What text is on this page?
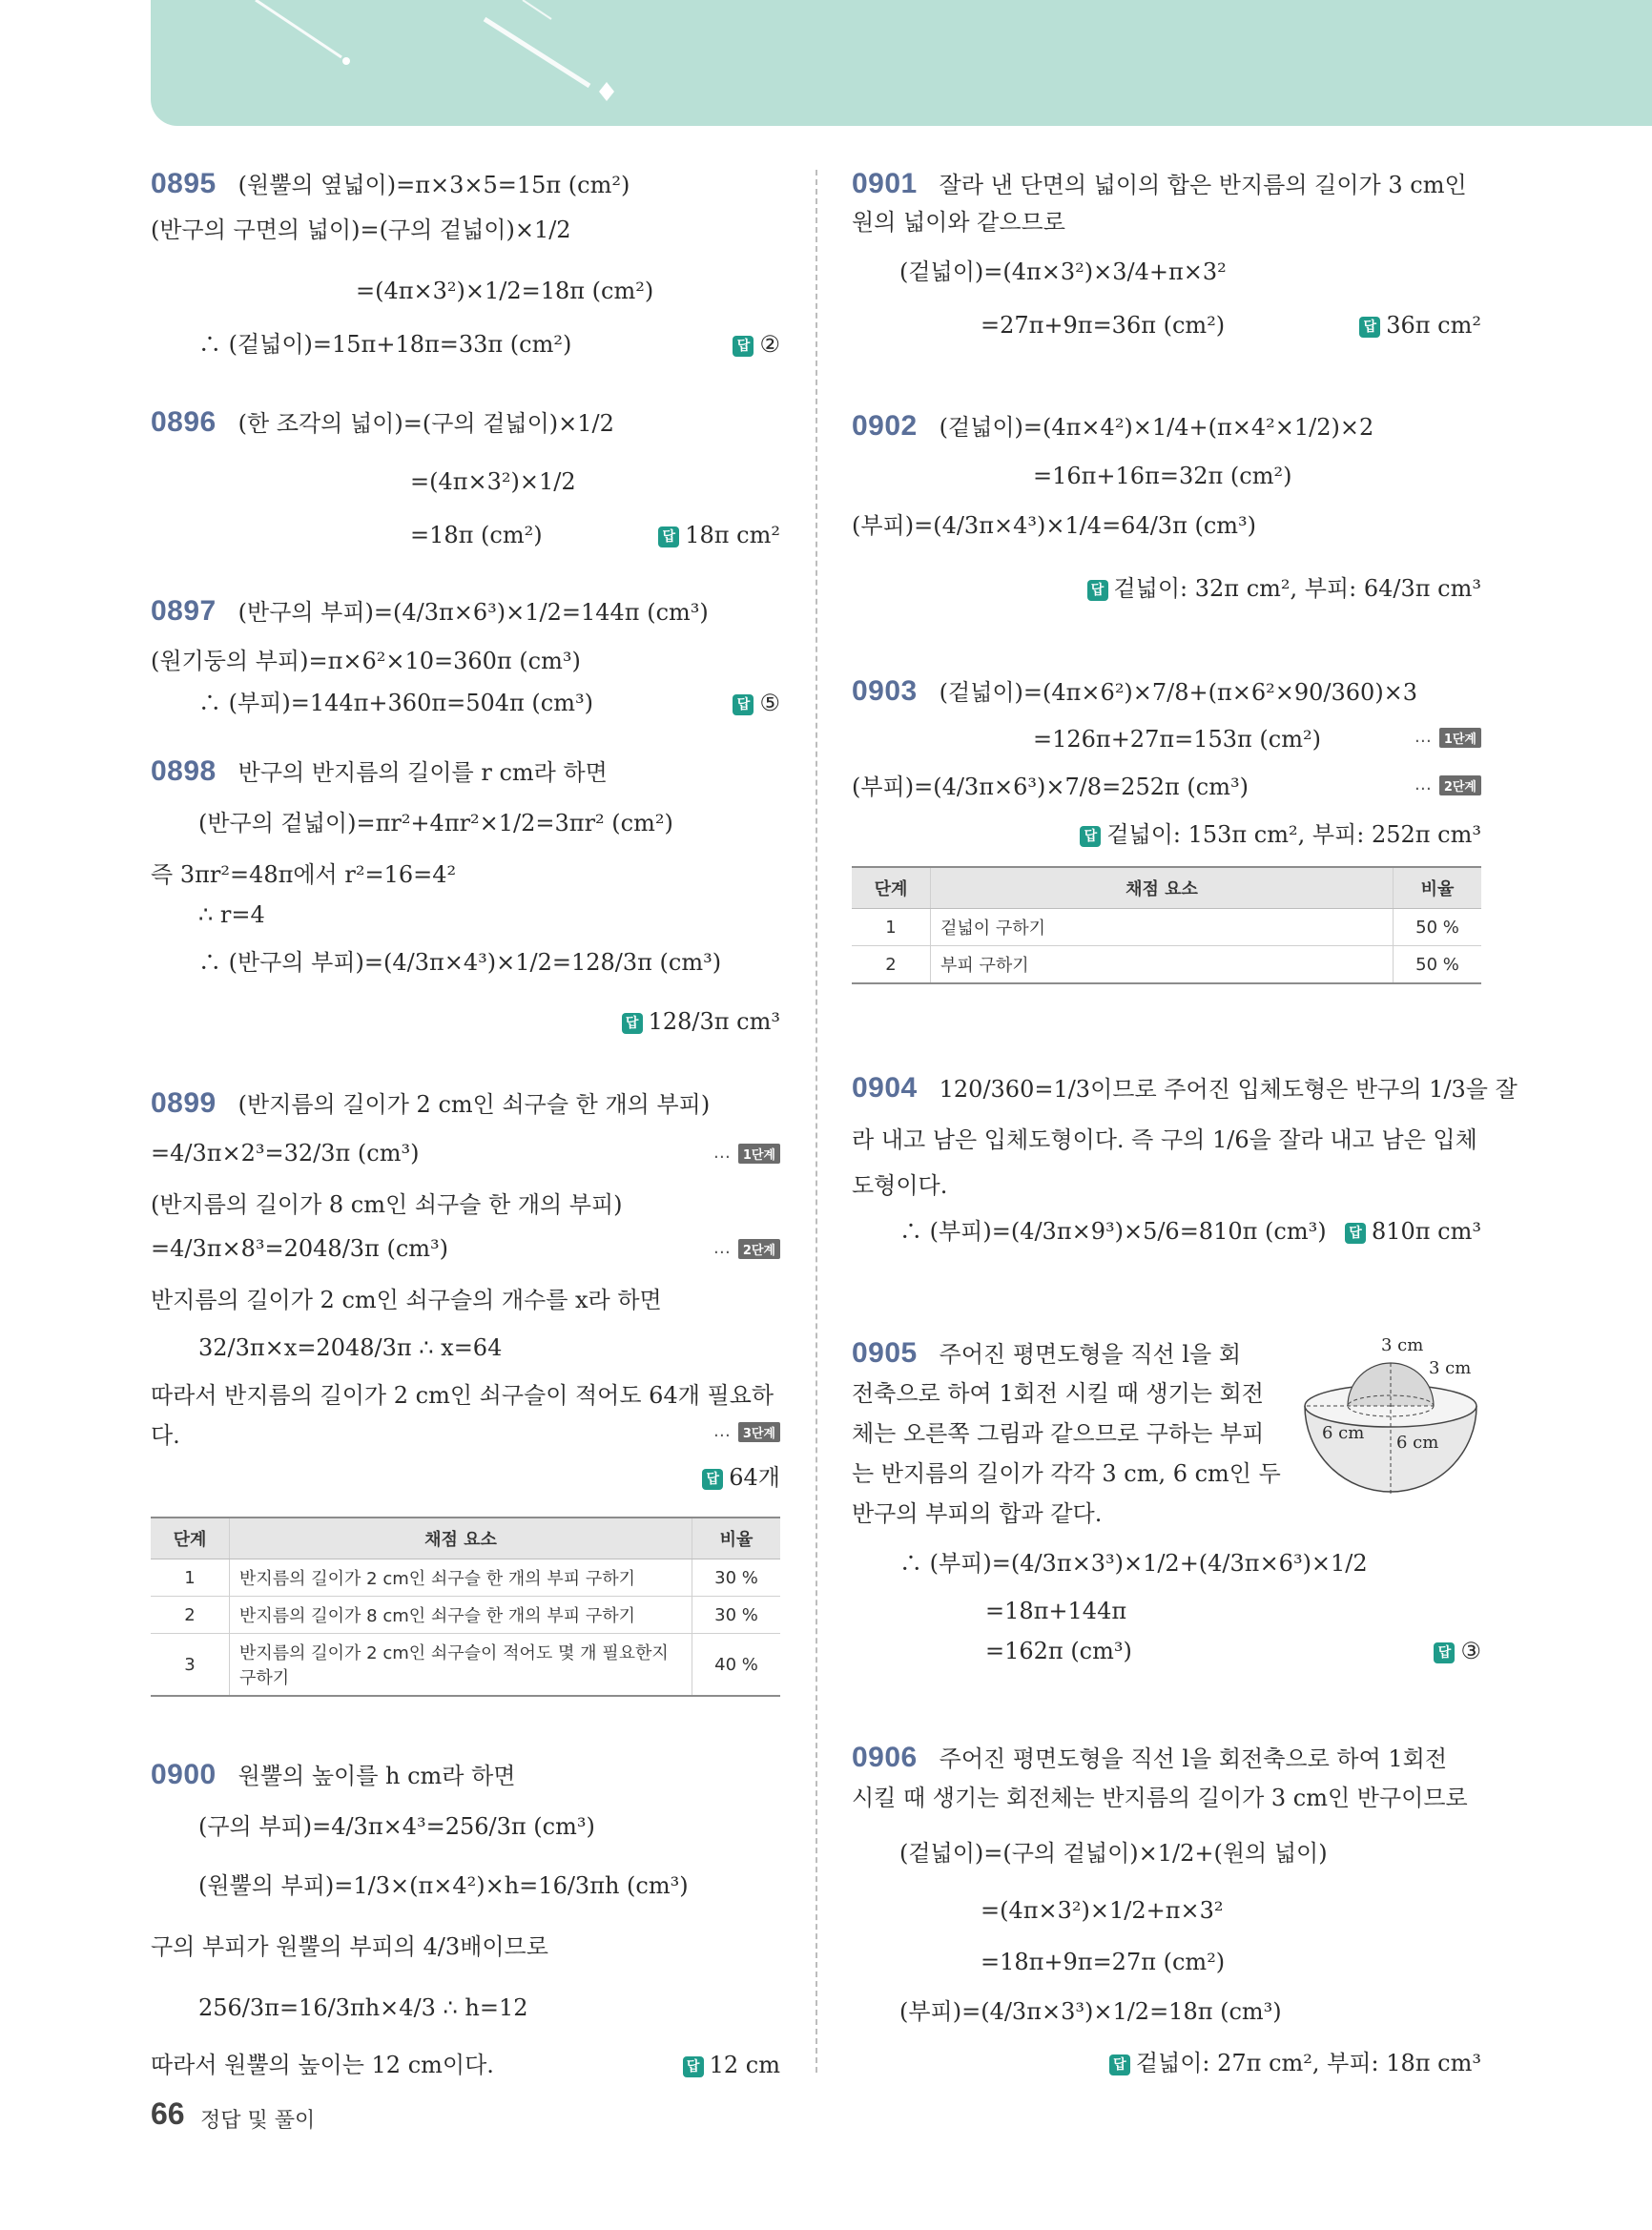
0895 (원뿔의 옆넓이)=π×3×5=15π (cm²)
(반구의 구면의 넓이)=(구의 겉넓이)×1/2
=(4π×3²)×1/2=18π (cm²)
∴ (겉넓이)=15π+18π=33π (cm²) 답	②
0896 (한 조각의 넓이)=(구의 겉넓이)×1/2
=(4π×3²)×1/2
=18π (cm²) 답	18π cm²
0897 (반구의 부피)=(4/3π×6³)×1/2=144π (cm³)
(원기둥의 부피)=π×6²×10=360π (cm³)
∴ (부피)=144π+360π=504π (cm³) 답	⑤
0898 반구의 반지름의 길이를 r cm라 하면
(반구의 겉넓이)=πr²+4πr²×1/2=3πr² (cm²)
즉 3πr²=48π에서 r²=16=4²
∴ r=4
∴ (반구의 부피)=(4/3π×4³)×1/2=128/3π (cm³)
답128/3π cm³
0899 (반지름의 길이가 2 cm인 쇠구슬 한 개의 부피)
=4/3π×2³=32/3π (cm³)	… 1단계
(반지름의 길이가 8 cm인 쇠구슬 한 개의 부피)
=4/3π×8³=2048/3π (cm³)	… 2단계
반지름의 길이가 2 cm인 쇠구슬의 개수를 x라 하면
32/3π×x=2048/3π ∴ x=64
따라서 반지름의 길이가 2 cm인 쇠구슬이 적어도 64개 필요하
다.	… 3단계
답64개
단계	채점 요소	비율
1	반지름의 길이가 2 cm인 쇠구슬 한 개의 부피 구하기	30 %
2	반지름의 길이가 8 cm인 쇠구슬 한 개의 부피 구하기	30 %
3	반지름의 길이가 2 cm인 쇠구슬이 적어도 몇 개 필요한지 구하기	40 %
0900 원뿔의 높이를 h cm라 하면
(구의 부피)=4/3π×4³=256/3π (cm³)
(원뿔의 부피)=1/3×(π×4²)×h=16/3πh (cm³)
구의 부피가 원뿔의 부피의 4/3배이므로
256/3π=16/3πh×4/3 ∴ h=12
따라서 원뿔의 높이는 12 cm이다. 답	12 cm
0901 잘라 낸 단면의 넓이의 합은 반지름의 길이가 3 cm인
원의 넓이와 같으므로
(겉넓이)=(4π×3²)×3/4+π×3²
=27π+9π=36π (cm²) 답	36π cm²
0902 (겉넓이)=(4π×4²)×1/4+(π×4²×1/2)×2
=16π+16π=32π (cm²)
(부피)=(4/3π×4³)×1/4=64/3π (cm³)
답겉넓이: 32π cm², 부피: 64/3π cm³
0903 (겉넓이)=(4π×6²)×7/8+(π×6²×90/360)×3
=126π+27π=153π (cm²)	… 1단계
(부피)=(4/3π×6³)×7/8=252π (cm³)	… 2단계
답겉넓이: 153π cm², 부피: 252π cm³
단계	채점 요소	비율
1	겉넓이 구하기	50 %
2	부피 구하기	50 %
0904 120/360=1/3이므로 주어진 입체도형은 반구의 1/3을 잘
라 내고 남은 입체도형이다. 즉 구의 1/6을 잘라 내고 남은 입체
도형이다.
∴ (부피)=(4/3π×9³)×5/6=810π (cm³) 답	810π cm³
0905 주어진 평면도형을 직선 l을 회
전축으로 하여 1회전 시킬 때 생기는 회전
체는 오른쪽 그림과 같으므로 구하는 부피
는 반지름의 길이가 각각 3 cm, 6 cm인 두
반구의 부피의 합과 같다.
∴ (부피)=(4/3π×3³)×1/2+(4/3π×6³)×1/2
=18π+144π
=162π (cm³) 답	③
3 cm
3 cm
6 cm 6 cm
0906 주어진 평면도형을 직선 l을 회전축으로 하여 1회전
시킬 때 생기는 회전체는 반지름의 길이가 3 cm인 반구이므로
(겉넓이)=(구의 겉넓이)×1/2+(원의 넓이)
=(4π×3²)×1/2+π×3²
=18π+9π=27π (cm²)
(부피)=(4/3π×3³)×1/2=18π (cm³)
답겉넓이: 27π cm², 부피: 18π cm³
66 정답 및 풀이
